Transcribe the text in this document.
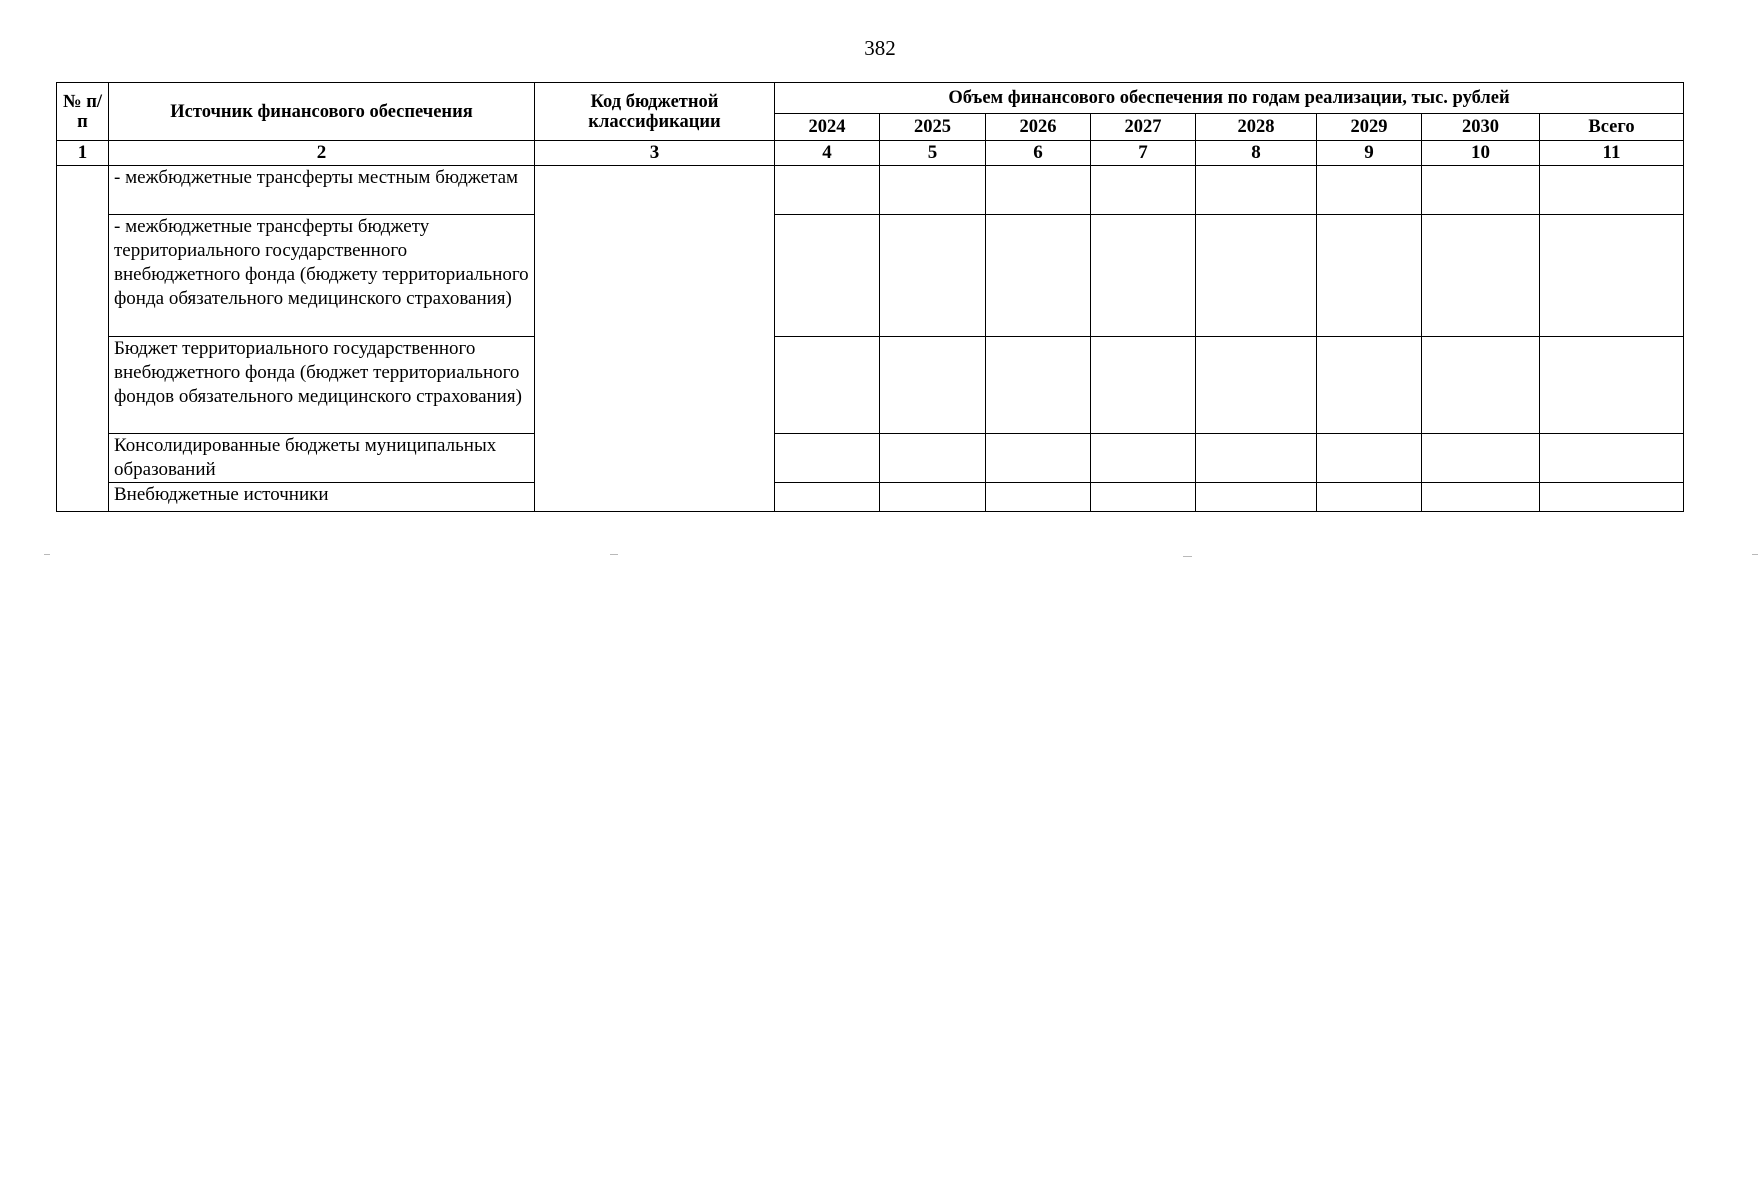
382
№ п/п	Источник финансового обеспечения	Код бюджетной классификации	Объем финансового обеспечения по годам реализации, тыс. рублей							
			2024	2025	2026	2027	2028	2029	2030	Всего
1	2	3	4	5	6	7	8	9	10	11
	- межбюджетные трансферты местным бюджетам									
	- межбюджетные трансферты бюджету территориального государственного внебюджетного фонда (бюджету территориального фонда обязательного медицинского страхования)									
	Бюджет территориального государственного внебюджетного фонда (бюджет территориального фондов обязательного медицинского страхования)									
	Консолидированные бюджеты муниципальных образований									
	Внебюджетные источники									
